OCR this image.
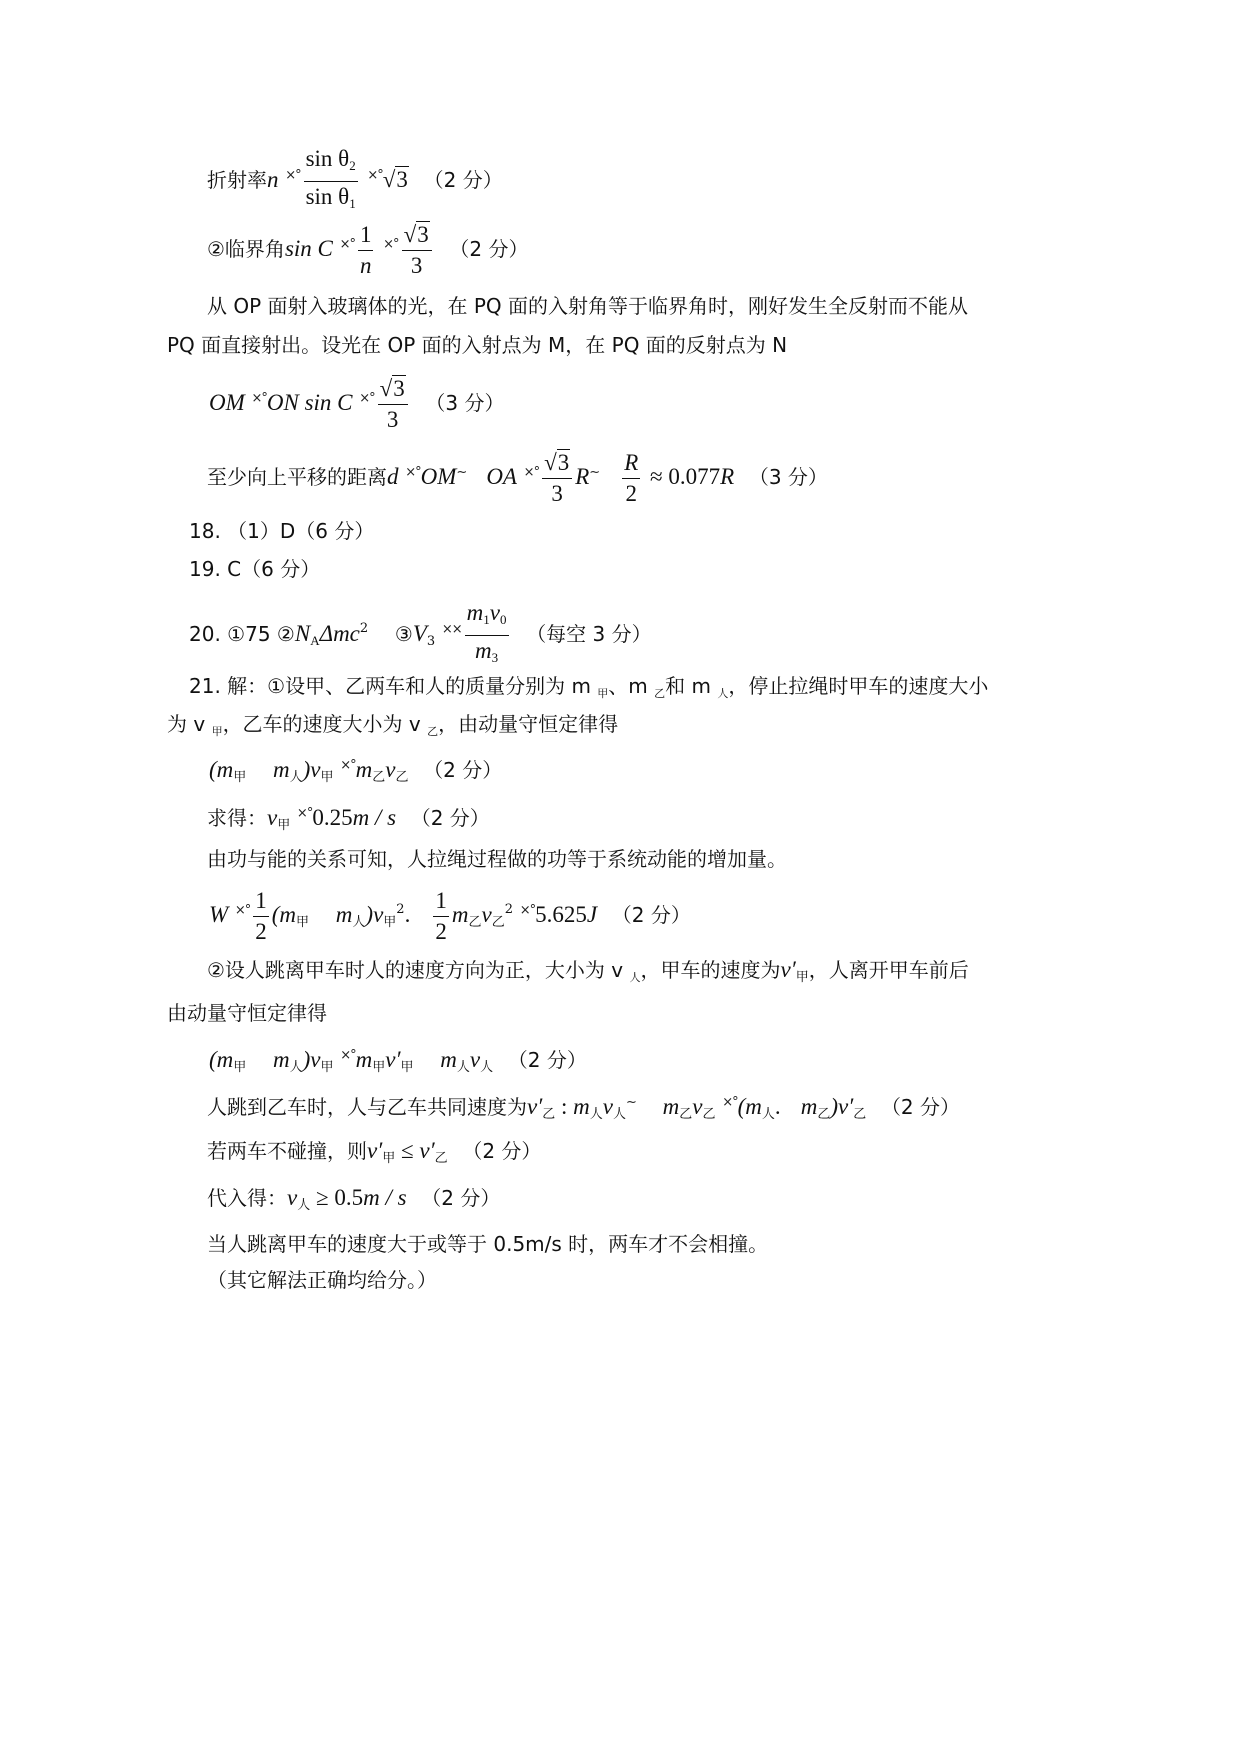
折射率n $^{\times^\circ} \frac{\text{sin θ2}}{\text{sin θ1}} ^{\times^\circ}√3$ （2 分）
②临界角sin C $^{\times^\circ} \frac{1}{n} ^{\times^\circ} \frac{√3}{3} (2$ 分）
从 OP 面射入玻璃体的光，在 PQ 面的入射角等于临界角时，刚好发生全反射而不能从
PQ 面直接射出。设光在 OP 面的入射点为 M，在 PQ 面的反射点为 N
OM ×°ON sin C $^{\times^\circ} \frac{√3}{3} (3$ 分）
至少向上平移的距离d ×°OM~ OA $^{\times^\circ} \frac{√3}{3} R^\sim \frac{R}{2} \approx 0.077R$ （3 分）
18. （1）D（6 分）
19. C（6 分）
20. ①75 ②NAΔmc$^2$ ③V3 $^{\times\times} \frac{m1v0}{m3}$ （每空 3 分）
21. 解：①设甲、乙两车和人的质量分别为 m $_甲$、m $_乙$和 m $_人$，停止拉绳时甲车的速度大小
为 v $_甲$，乙车的速度大小为 v $_乙$，由动量守恒定律得
(m甲 m人)v甲 ×°m乙v乙 （2 分）
求得：v甲 ×°0.25m / s （2 分）
由功与能的关系可知，人拉绳过程做的功等于系统动能的增加量。
W $^{\times^\circ} \frac{1}{2} (m$甲 m人)v甲$^2$. $\frac{1}{2}$ m乙v乙$^2$ ×°5.625J （2 分）
②设人跳离甲车时人的速度方向为正，大小为 v $_人$，甲车的速度为$v'_甲$，人离开甲车前后
由动量守恒定律得
(m甲 m人)v甲 ×°m甲v′甲 m人v人 （2 分）
人跳到乙车时，人与乙车共同速度为v′乙 : m人v人~ m乙v乙 ×°(m人. m乙)v′乙 （2 分）
若两车不碰撞，则v′甲 ≤ v′乙 （2 分）
代入得：v人 ≥ 0.5m / s （2 分）
当人跳离甲车的速度大于或等于 0.5m/s 时，两车才不会相撞。
（其它解法正确均给分。）
